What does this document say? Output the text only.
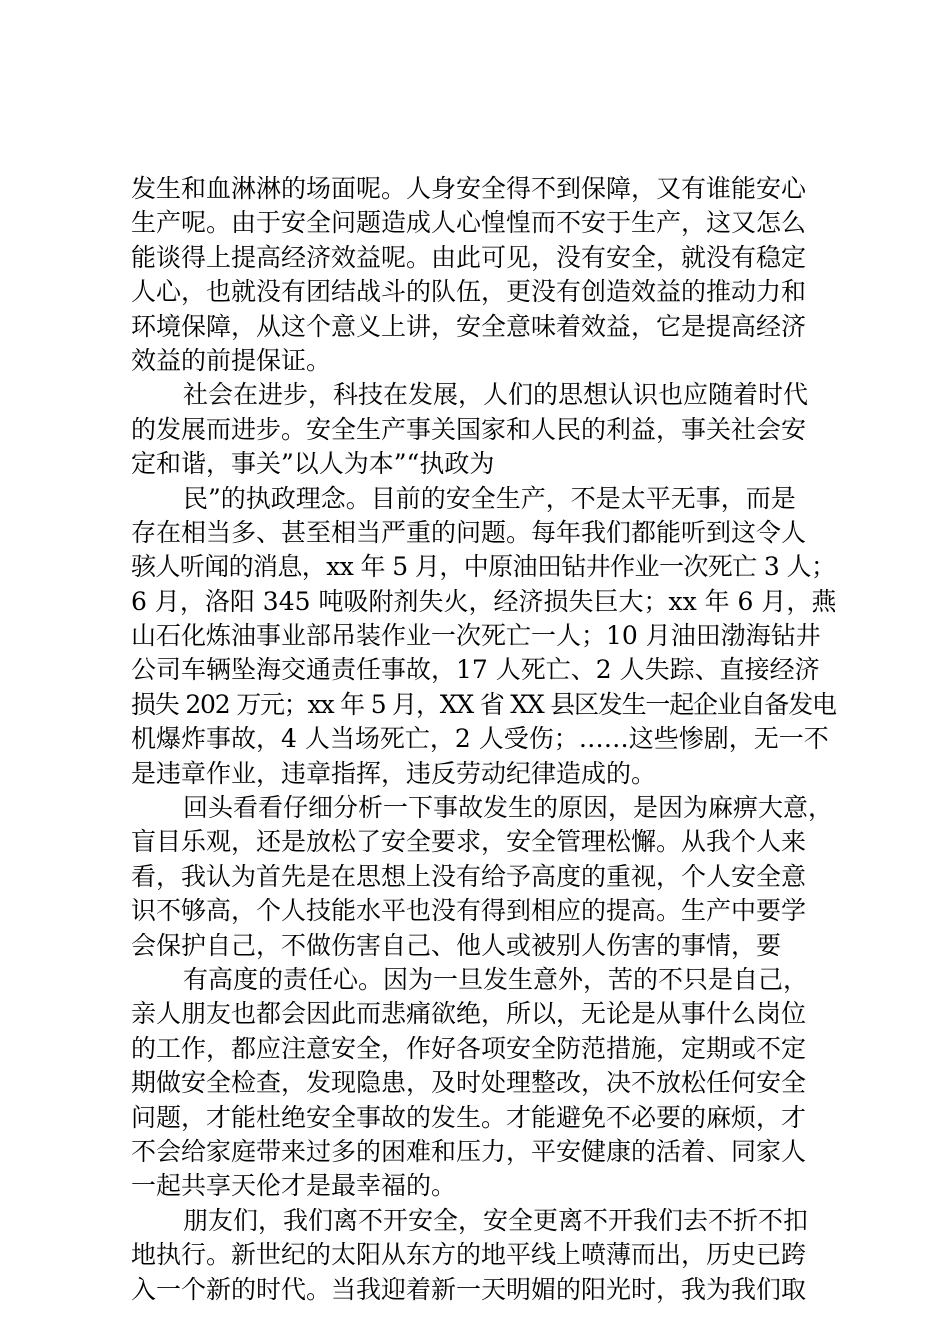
发生和血淋淋的场面呢。人身安全得不到保障，又有谁能安心
生产呢。由于安全问题造成人心惶惶而不安于生产，这又怎么
能谈得上提高经济效益呢。由此可见，没有安全，就没有稳定
人心，也就没有团结战斗的队伍，更没有创造效益的推动力和
环境保障，从这个意义上讲，安全意味着效益，它是提高经济
效益的前提保证。
社会在进步，科技在发展，人们的思想认识也应随着时代
的发展而进步。安全生产事关国家和人民的利益，事关社会安
定和谐，事关”以人为本”“执政为
民”的执政理念。目前的安全生产，不是太平无事，而是
存在相当多、甚至相当严重的问题。每年我们都能听到这令人
骇人听闻的消息，xx 年 5 月，中原油田钻井作业一次死亡 3 人；
6 月，洛阳 345 吨吸附剂失火，经济损失巨大；xx 年 6 月，燕
山石化炼油事业部吊装作业一次死亡一人；10 月油田渤海钻井
公司车辆坠海交通责任事故，17 人死亡、2 人失踪、直接经济
损失 202 万元；xx 年 5 月，XX 省 XX 县区发生一起企业自备发电
机爆炸事故，4 人当场死亡，2 人受伤；……这些惨剧，无一不
是违章作业，违章指挥，违反劳动纪律造成的。
回头看看仔细分析一下事故发生的原因，是因为麻痹大意，
盲目乐观，还是放松了安全要求，安全管理松懈。从我个人来
看，我认为首先是在思想上没有给予高度的重视，个人安全意
识不够高，个人技能水平也没有得到相应的提高。生产中要学
会保护自己，不做伤害自己、他人或被别人伤害的事情，要
有高度的责任心。因为一旦发生意外，苦的不只是自己，
亲人朋友也都会因此而悲痛欲绝，所以，无论是从事什么岗位
的工作，都应注意安全，作好各项安全防范措施，定期或不定
期做安全检查，发现隐患，及时处理整改，决不放松任何安全
问题，才能杜绝安全事故的发生。才能避免不必要的麻烦，才
不会给家庭带来过多的困难和压力，平安健康的活着、同家人
一起共享天伦才是最幸福的。
朋友们，我们离不开安全，安全更离不开我们去不折不扣
地执行。新世纪的太阳从东方的地平线上喷薄而出，历史已跨
入一个新的时代。当我迎着新一天明媚的阳光时，我为我们取
